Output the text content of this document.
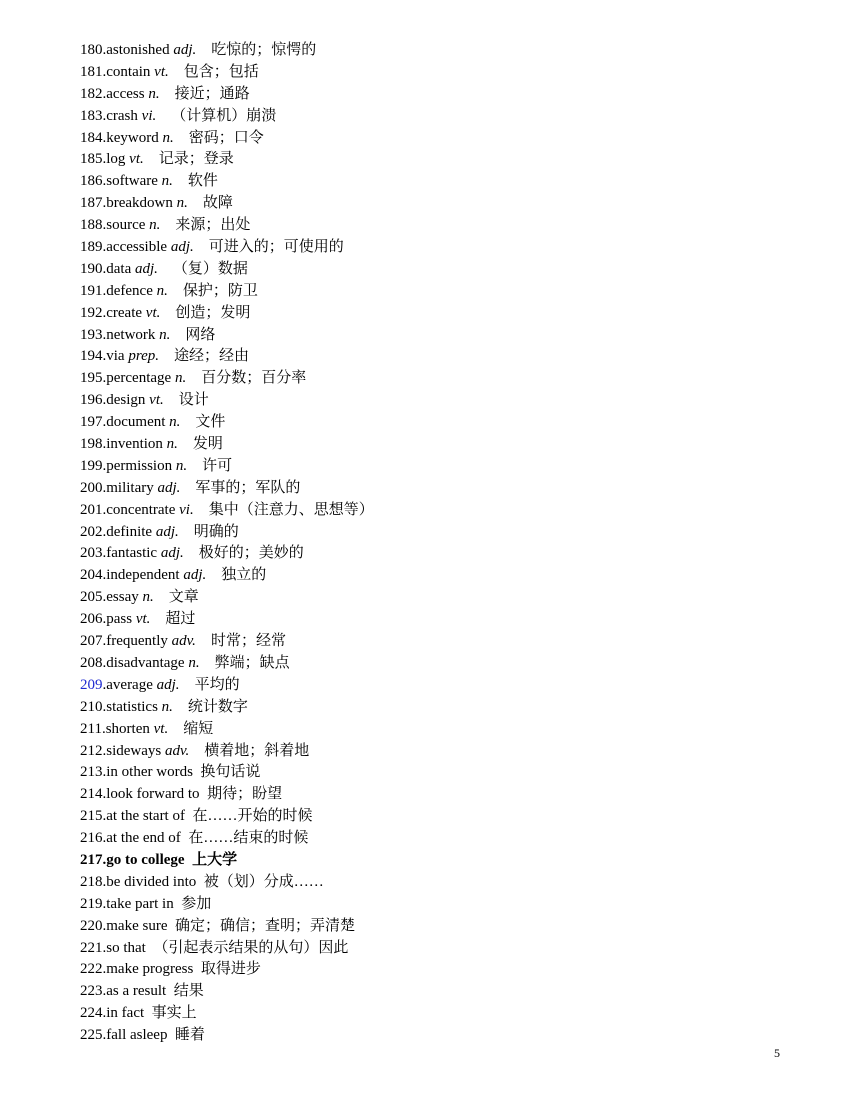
180.astonished adj. 吃惊的；惊愕的
181.contain vt. 包含；包括
182.access n. 接近；通路
183.crash vi. （计算机）崩溃
184.keyword n. 密码；口令
185.log vt. 记录；登录
186.software n. 软件
187.breakdown n. 故障
188.source n. 来源；出处
189.accessible adj. 可进入的；可使用的
190.data adj. （复）数据
191.defence n. 保护；防卫
192.create vt. 创造；发明
193.network n. 网络
194.via prep. 途经；经由
195.percentage n. 百分数；百分率
196.design vt. 设计
197.document n. 文件
198.invention n. 发明
199.permission n. 许可
200.military adj. 军事的；军队的
201.concentrate vi. 集中（注意力、思想等）
202.definite adj. 明确的
203.fantastic adj. 极好的；美妙的
204.independent adj. 独立的
205.essay n. 文章
206.pass vt. 超过
207.frequently adv. 时常；经常
208.disadvantage n. 弊端；缺点
209.average adj. 平均的
210.statistics n. 统计数字
211.shorten vt. 缩短
212.sideways adv. 横着地；斜着地
213.in other words 换句话说
214.look forward to 期待；盼望
215.at the start of 在……开始的时候
216.at the end of 在……结束的时候
217.go to college 上大学
218.be divided into 被（划）分成……
219.take part in 参加
220.make sure 确定；确信；查明；弄清楚
221.so that （引起表示结果的从句）因此
222.make progress 取得进步
223.as a result 结果
224.in fact 事实上
225.fall asleep 睡着
5
